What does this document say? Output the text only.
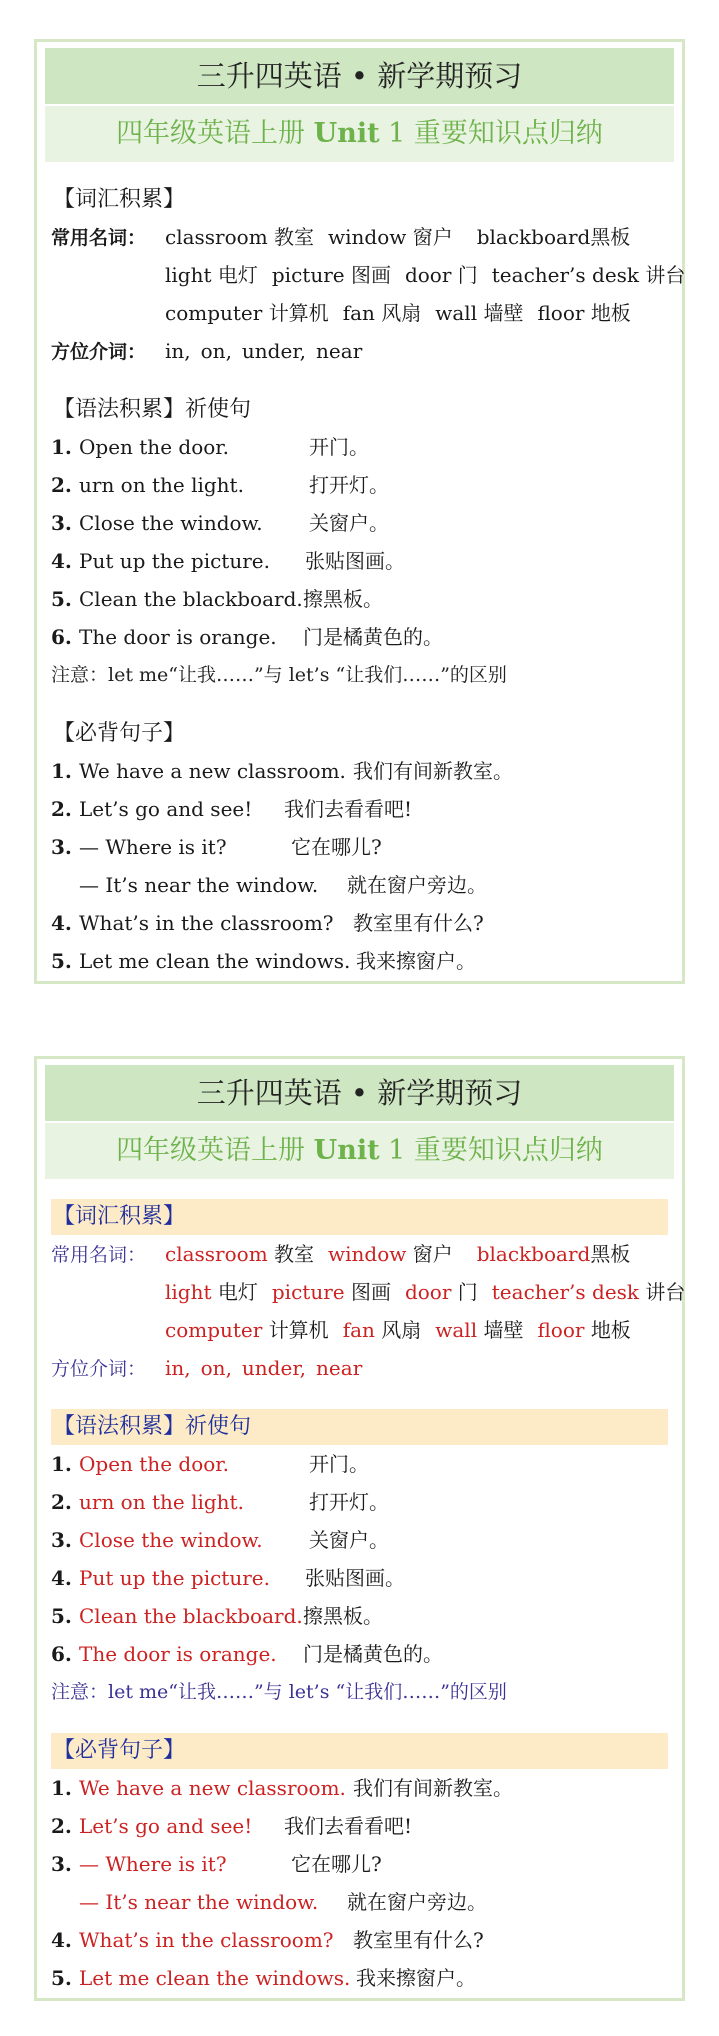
三升四英语 • 新学期预习
四年级英语上册 Unit 1 重要知识点归纳
【词汇积累】
常用名词： classroom 教室 window 窗户 blackboard黑板
light 电灯 picture 图画 door 门 teacher’s desk 讲台
computer 计算机 fan 风扇 wall 墙壁 floor 地板
方位介词： in, on, under, near
【语法积累】祈使句
1. Open the door.	开门。
2. urn on the light.	打开灯。
3. Close the window. 关窗户。
4. Put up the picture. 张贴图画。
5. Clean the blackboard. 擦黑板。
6. The door is orange. 门是橘黄色的。
注意：let me“让我……”与 let’s “让我们……”的区别
【必背句子】
1. We have a new classroom. 我们有间新教室。
2. Let’s go and see! 我们去看看吧!
3. — Where is it?	它在哪儿?
— It’s near the window. 就在窗户旁边。
4. What’s in the classroom? 教室里有什么?
5. Let me clean the windows. 我来擦窗户。
三升四英语 • 新学期预习
四年级英语上册 Unit 1 重要知识点归纳
【词汇积累】
常用名词： classroom 教室 window 窗户 blackboard黑板
light 电灯 picture 图画 door 门 teacher’s desk 讲台
computer 计算机 fan 风扇 wall 墙壁 floor 地板
方位介词： in, on, under, near
【语法积累】祈使句
1. Open the door.	开门。
2. urn on the light.	打开灯。
3. Close the window. 关窗户。
4. Put up the picture. 张贴图画。
5. Clean the blackboard. 擦黑板。
6. The door is orange. 门是橘黄色的。
注意：let me“让我……”与 let’s “让我们……”的区别
【必背句子】
1. We have a new classroom. 我们有间新教室。
2. Let’s go and see! 我们去看看吧!
3. — Where is it?	它在哪儿?
— It’s near the window. 就在窗户旁边。
4. What’s in the classroom? 教室里有什么?
5. Let me clean the windows. 我来擦窗户。
